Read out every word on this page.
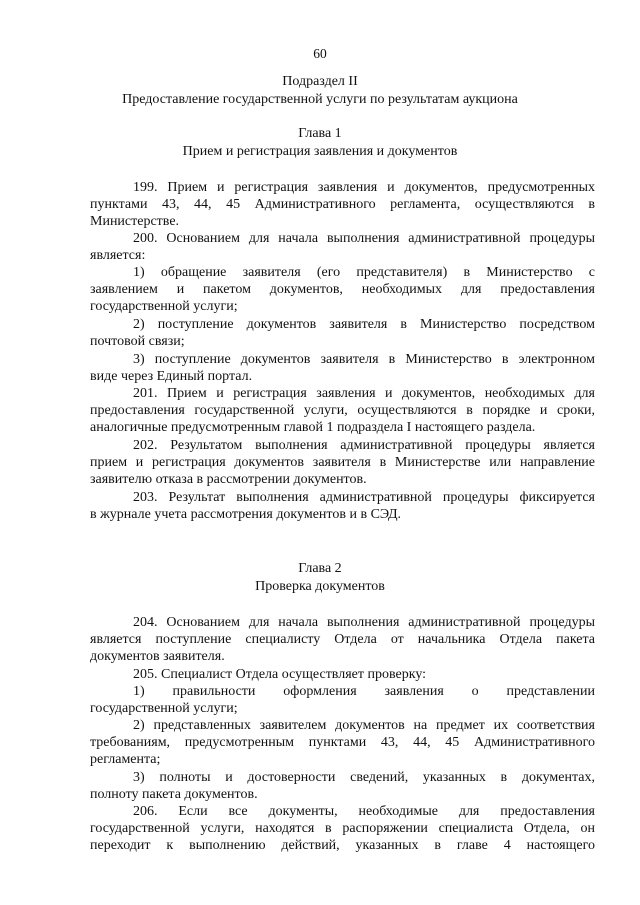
60
Подраздел II
Предоставление государственной услуги по результатам аукциона
Глава 1
Прием и регистрация заявления и документов
199. Прием и регистрация заявления и документов, предусмотренных
пунктами 43, 44, 45 Административного регламента, осуществляются в
Министерстве.
200. Основанием для начала выполнения административной процедуры
является:
1) обращение заявителя (его представителя) в Министерство с
заявлением и пакетом документов, необходимых для предоставления
государственной услуги;
2) поступление документов заявителя в Министерство посредством
почтовой связи;
3) поступление документов заявителя в Министерство в электронном
виде через Единый портал.
201. Прием и регистрация заявления и документов, необходимых для
предоставления государственной услуги, осуществляются в порядке и сроки,
аналогичные предусмотренным главой 1 подраздела I настоящего раздела.
202. Результатом выполнения административной процедуры является
прием и регистрация документов заявителя в Министерстве или направление
заявителю отказа в рассмотрении документов.
203. Результат выполнения административной процедуры фиксируется
в журнале учета рассмотрения документов и в СЭД.
Глава 2
Проверка документов
204. Основанием для начала выполнения административной процедуры
является поступление специалисту Отдела от начальника Отдела пакета
документов заявителя.
205. Специалист Отдела осуществляет проверку:
1) правильности оформления заявления о представлении
государственной услуги;
2) представленных заявителем документов на предмет их соответствия
требованиям, предусмотренным пунктами 43, 44, 45 Административного
регламента;
3) полноты и достоверности сведений, указанных в документах,
полноту пакета документов.
206. Если все документы, необходимые для предоставления
государственной услуги, находятся в распоряжении специалиста Отдела, он
переходит к выполнению действий, указанных в главе 4 настоящего
